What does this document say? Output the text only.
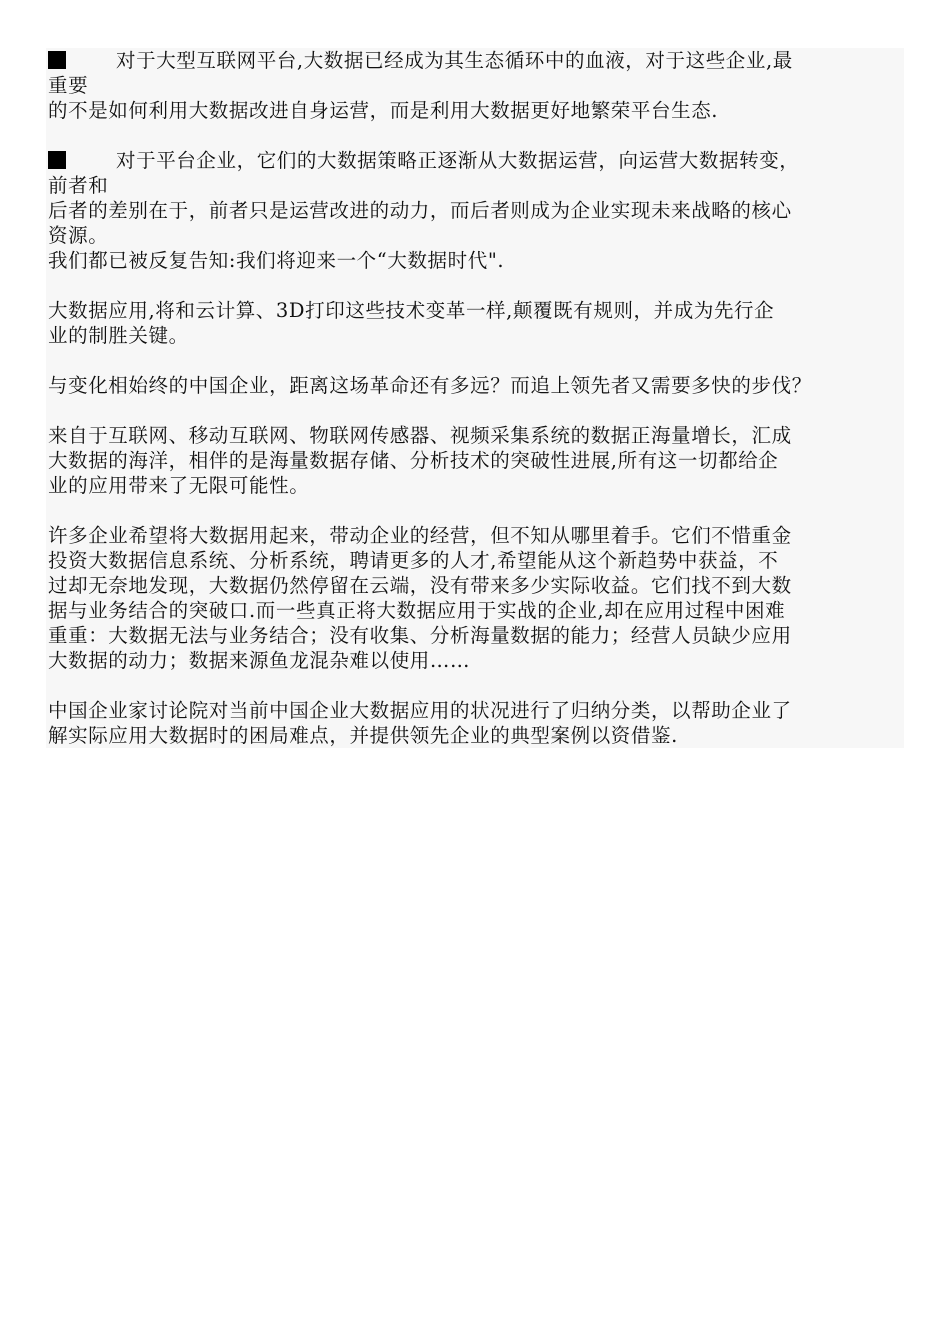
对于大型互联网平台,大数据已经成为其生态循环中的血液，对于这些企业,最
重要
的不是如何利用大数据改进自身运营，而是利用大数据更好地繁荣平台生态.
对于平台企业，它们的大数据策略正逐渐从大数据运营，向运营大数据转变，
前者和
后者的差别在于，前者只是运营改进的动力，而后者则成为企业实现未来战略的核心
资源。
我们都已被反复告知:我们将迎来一个“大数据时代".
大数据应用,将和云计算、3D打印这些技术变革一样,颠覆既有规则，并成为先行企
业的制胜关键。
与变化相始终的中国企业，距离这场革命还有多远？而追上领先者又需要多快的步伐？
来自于互联网、移动互联网、物联网传感器、视频采集系统的数据正海量增长，汇成
大数据的海洋，相伴的是海量数据存储、分析技术的突破性进展,所有这一切都给企
业的应用带来了无限可能性。
许多企业希望将大数据用起来，带动企业的经营，但不知从哪里着手。它们不惜重金
投资大数据信息系统、分析系统，聘请更多的人才,希望能从这个新趋势中获益，不
过却无奈地发现，大数据仍然停留在云端，没有带来多少实际收益。它们找不到大数
据与业务结合的突破口.而一些真正将大数据应用于实战的企业,却在应用过程中困难
重重：大数据无法与业务结合；没有收集、分析海量数据的能力；经营人员缺少应用
大数据的动力；数据来源鱼龙混杂难以使用……
中国企业家讨论院对当前中国企业大数据应用的状况进行了归纳分类，以帮助企业了
解实际应用大数据时的困局难点，并提供领先企业的典型案例以资借鉴.
